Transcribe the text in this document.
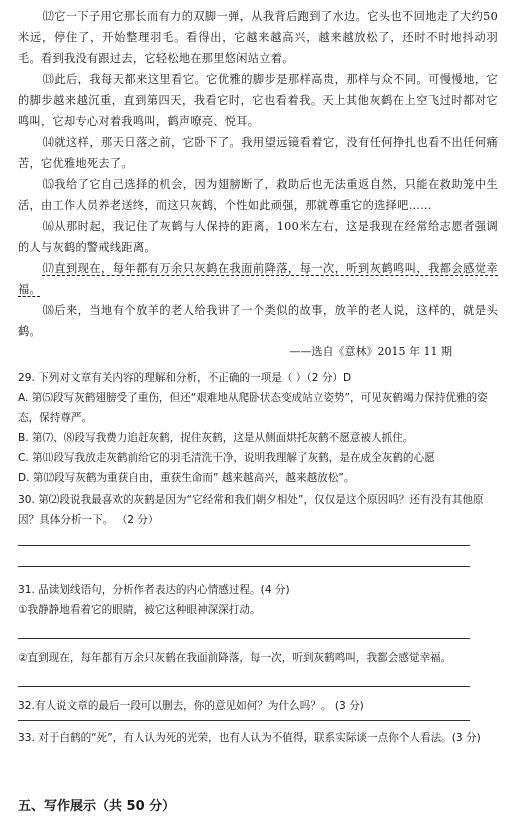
⑿它一下子用它那长而有力的双脚一弹，从我背后跑到了水边。它头也不回地走了大约50米远，停住了，开始整理羽毛。看得出，它越来越高兴，越来越放松了，还时不时地抖动羽毛。看到我没有跟过去，它轻松地在那里悠闲站立着。
⒀此后，我每天都来这里看它。它优雅的脚步是那样高贵，那样与众不同。可慢慢地，它的脚步越来越沉重，直到第四天，我看它时，它也看着我。天上其他灰鹤在上空飞过时都对它鸣叫，它却专心对着我鸣叫，鹤声嘹亮、悦耳。
⒁就这样，那天日落之前，它卧下了。我用望远镜看着它，没有任何挣扎也看不出任何痛苦，它优雅地死去了。
⒂我给了它自己选择的机会，因为翅膀断了，救助后也无法重返自然，只能在救助笼中生活，由工作人员养老送终，而这只灰鹤，个性如此顽强，那就尊重它的选择吧……
⒃从那时起，我记住了灰鹤与人保持的距离，100米左右，这是我现在经常给志愿者强调的人与灰鹤的警戒线距离。
⒄直到现在，每年都有万余只灰鹤在我面前降落，每一次，听到灰鹤鸣叫，我都会感觉幸福。
⒅后来，当地有个放羊的老人给我讲了一个类似的故事，放羊的老人说，这样的，就是头鹤。
——选自《意林》2015 年 11 期
29. 下列对文章有关内容的理解和分析，不正确的一项是（ ）（2 分）D
A. 第⑸段写灰鹤翅膀受了重伤，但还“艰难地从爬卧状态变成站立姿势”，可见灰鹤竭力保持优雅的姿态，保持尊严。
B. 第⑺、⑻段写我费力追赶灰鹤，捉住灰鹤，这是从侧面烘托灰鹤不愿意被人抓住。
C. 第⑾段写我放走灰鹤前给它的羽毛清洗干净，说明我理解了灰鹤，是在成全灰鹤的心愿
D. 第⑿段写灰鹤为重获自由，重获生命而” 越来越高兴，越来越放松”。
30. 第⑵段说我最喜欢的灰鹤是因为“它经常和我们朝夕相处”，仅仅是这个原因吗？还有没有其他原因？具体分析一下。 （2 分）
31. 品读划线语句，分析作者表达的内心情感过程。(4 分)
①我静静地看着它的眼睛，被它这种眼神深深打动。
②直到现在，每年都有万余只灰鹤在我面前降落，每一次，听到灰鹤鸣叫，我都会感觉幸福。
32.有人说文章的最后一段可以删去，你的意见如何？为什么吗？。 (3 分)
33. 对于白鹤的“死”，有人认为死的光荣，也有人认为不值得，联系实际谈一点你个人看法。(3 分)
五、写作展示（共 50 分）
